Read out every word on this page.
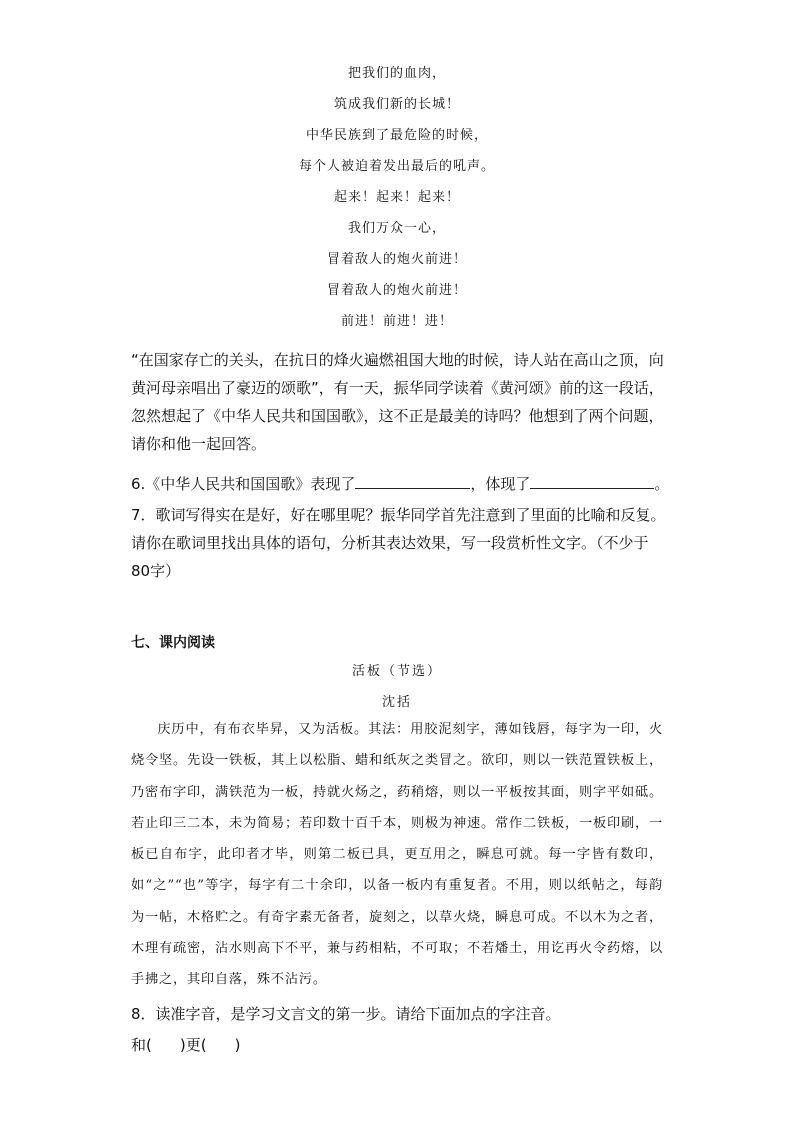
把我们的血肉，
筑成我们新的长城！
中华民族到了最危险的时候，
每个人被迫着发出最后的吼声。
起来！起来！起来！
我们万众一心，
冒着敌人的炮火前进！
冒着敌人的炮火前进！
前进！前进！进！
“在国家存亡的关头，在抗日的烽火遍燃祖国大地的时候，诗人站在高山之顶，向黄河母亲唱出了豪迈的颂歌”，有一天，振华同学读着《黄河颂》前的这一段话，忽然想起了《中华人民共和国国歌》，这不正是最美的诗吗？他想到了两个问题，请你和他一起回答。
6.《中华人民共和国国歌》表现了	，体现了	。
7．歌词写得实在是好，好在哪里呢？振华同学首先注意到了里面的比喻和反复。请你在歌词里找出具体的语句，分析其表达效果，写一段赏析性文字。（不少于 80字）
七、课内阅读
活板（节选）
沈括
庆历中，有布衣毕昇，又为活板。其法：用胶泥刻字，薄如钱唇，每字为一印，火烧令坚。先设一铁板，其上以松脂、蜡和纸灰之类冒之。欲印，则以一铁范置铁板上，乃密布字印，满铁范为一板，持就火炀之，药稍熔，则以一平板按其面，则字平如砥。若止印三二本，未为简易；若印数十百千本，则极为神速。常作二铁板，一板印刷，一板已自布字，此印者才毕，则第二板已具，更互用之，瞬息可就。每一字皆有数印，如“之”“也”等字，每字有二十余印，以备一板内有重复者。不用，则以纸帖之，每韵为一帖，木格贮之。有奇字素无备者，旋刻之，以草火烧，瞬息可成。不以木为之者，木理有疏密，沾水则高下不平，兼与药相粘，不可取；不若燔土，用讫再火令药熔，以手拂之，其印自落，殊不沾污。
8．读准字音，是学习文言文的第一步。请给下面加点的字注音。
和( )更( )
